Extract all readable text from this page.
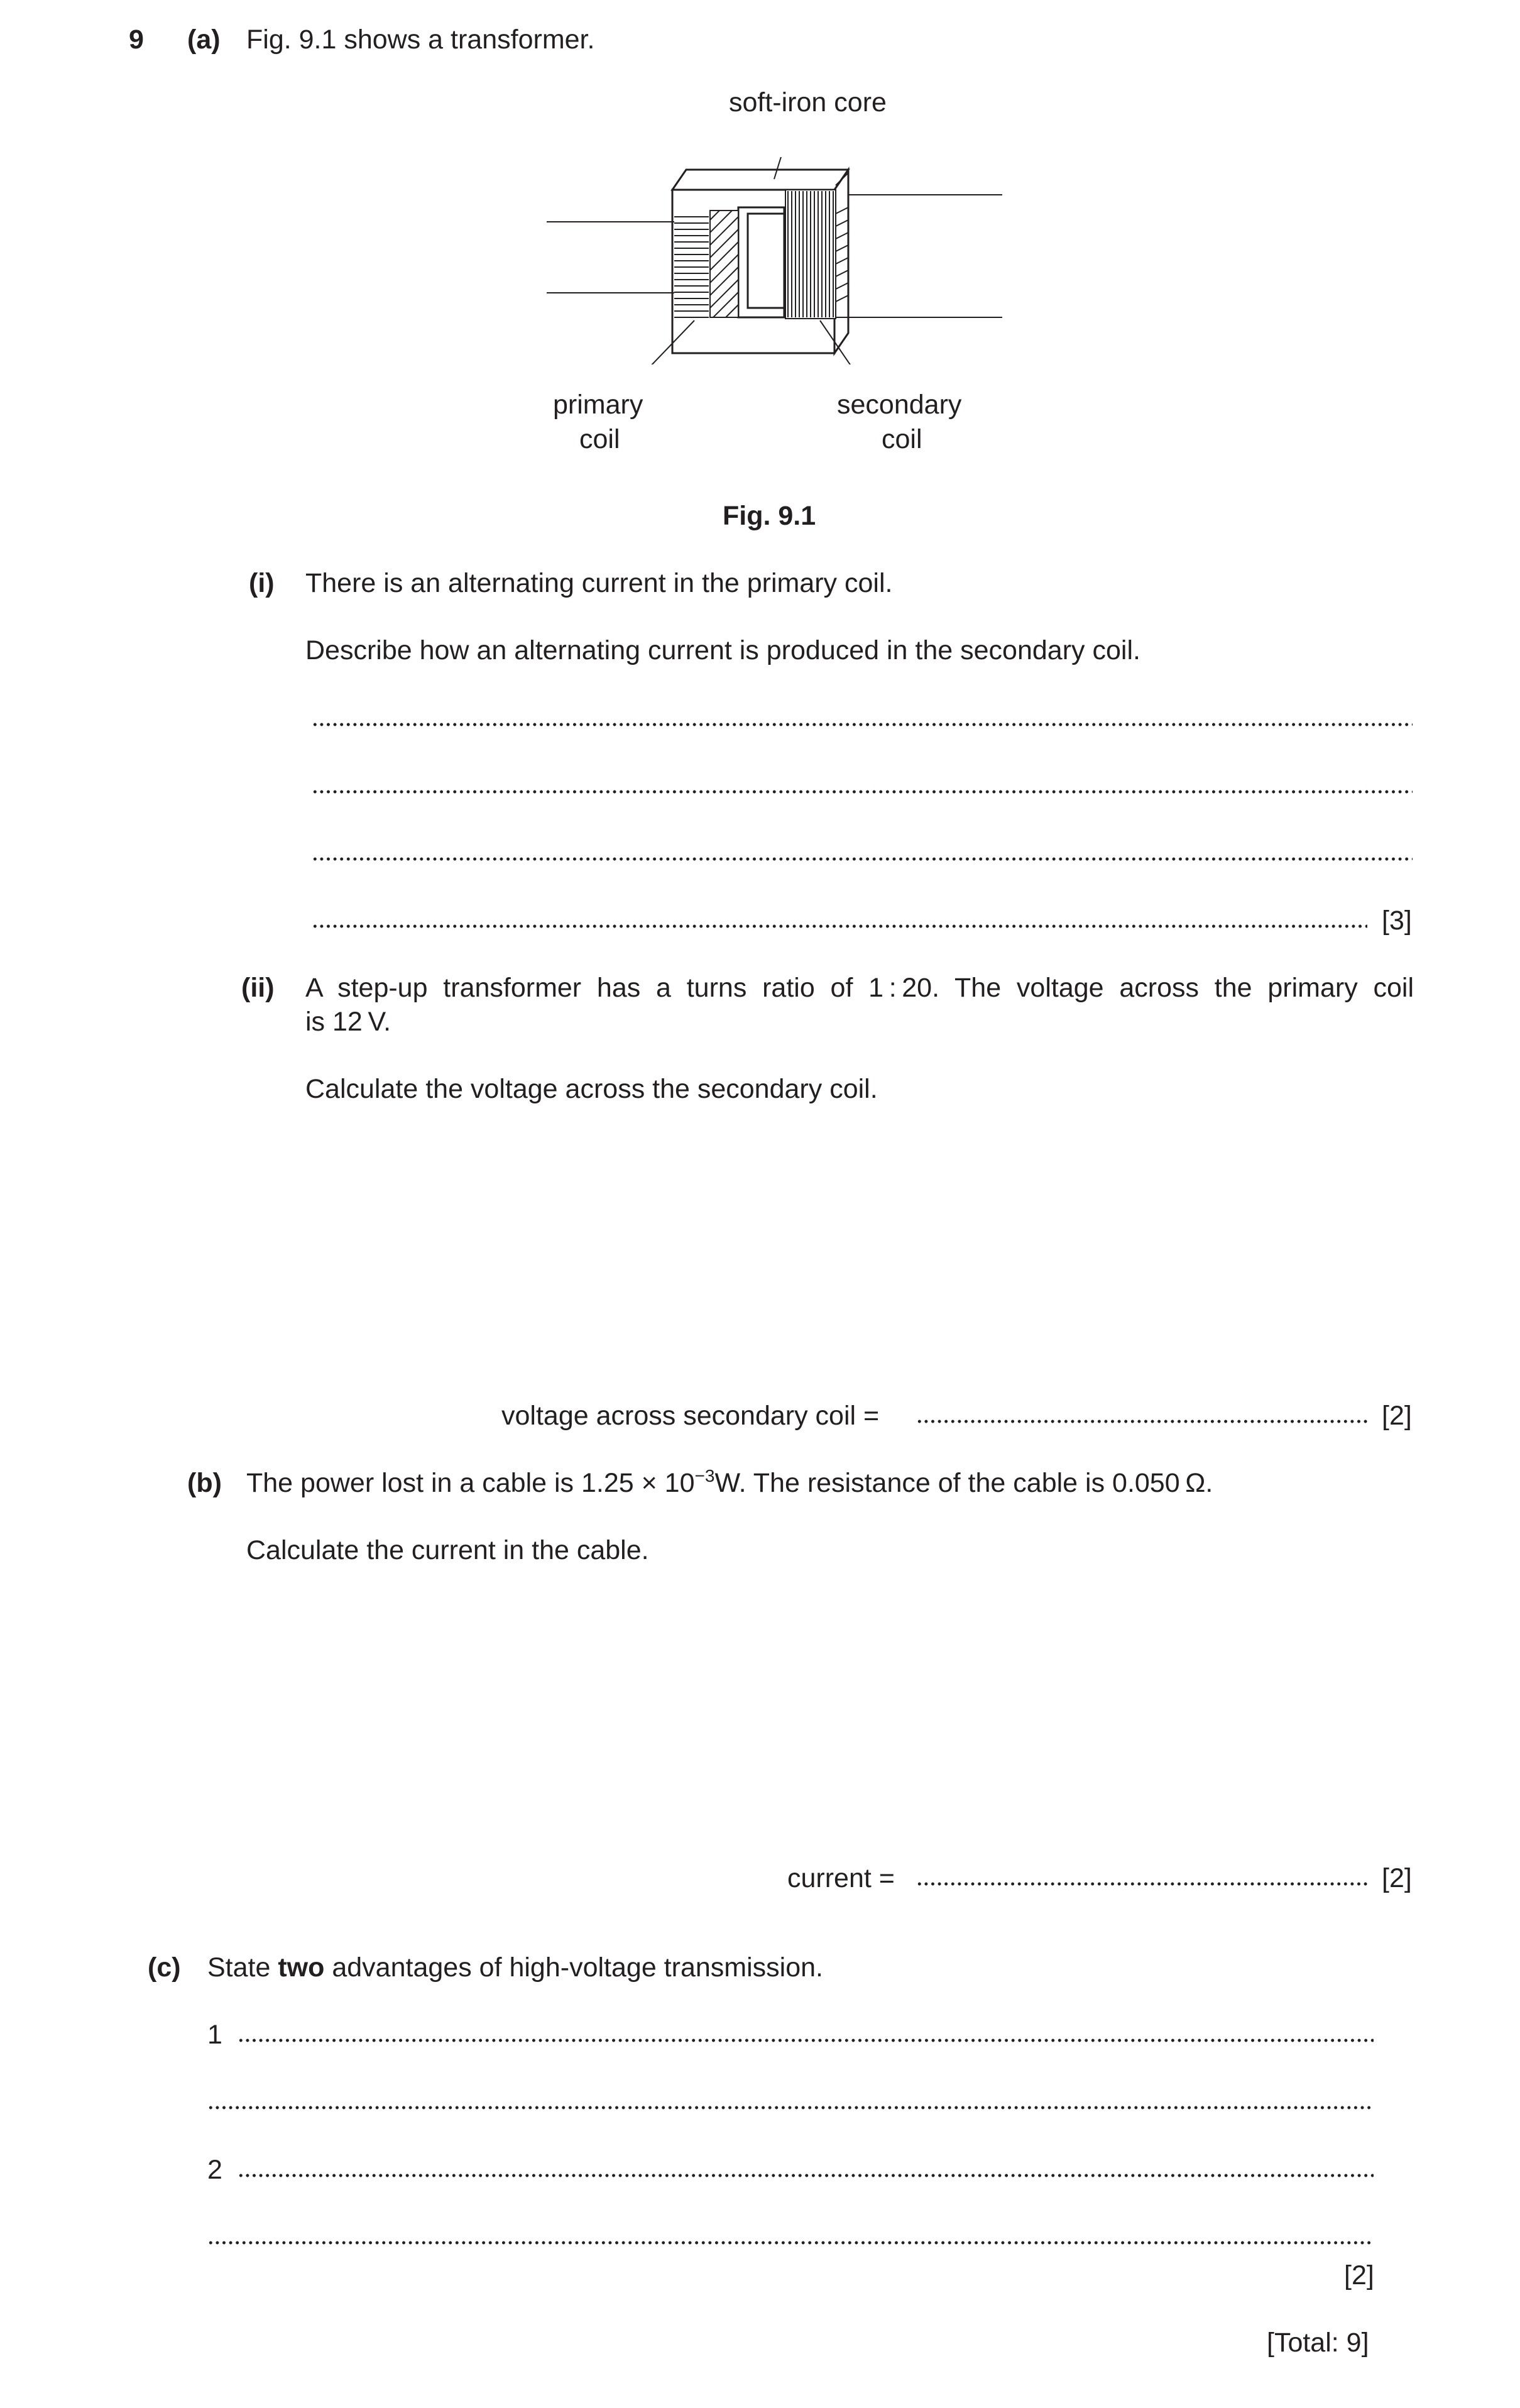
9 (a) Fig. 9.1 shows a transformer.
soft-iron core
primary
coil
secondary
coil
Fig. 9.1
(i) There is an alternating current in the primary coil.
Describe how an alternating current is produced in the secondary coil.
[3]
(ii) A step-up transformer has a turns ratio of 1 : 20. The voltage across the primary coil
is 12 V.
Calculate the voltage across the secondary coil.
voltage across secondary coil =	[2]
(b) The power lost in a cable is $1.25 \times 10^{-3}W$. The resistance of the cable is 0.050 Ω.
Calculate the current in the cable.
current =	[2]
(c) State two advantages of high-voltage transmission.
1
2
[2]
[Total: 9]
